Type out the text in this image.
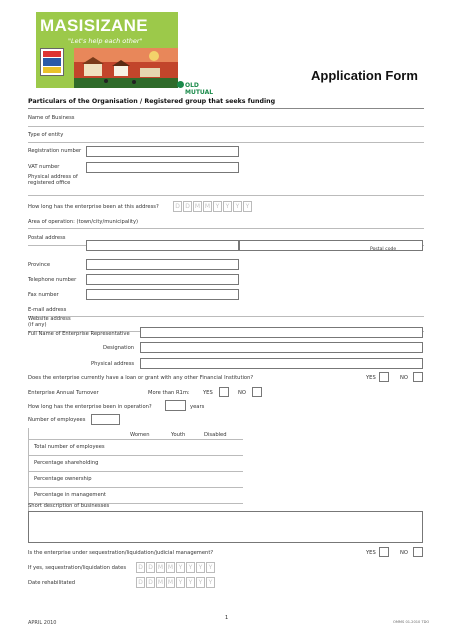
MASISIZANE
"Let's help each other"
OLD MUTUAL
Application Form
Particulars of the Organisation / Registered group that seeks funding
Name of Business
Type of entity
Registration number
VAT number
Physical address of registered office
How long has the enterprise been at this address?	D D M M Y	Y	Y	Y
Area of operation: (town/city/municipality)
Postal address
Postal code
Province
Telephone number
Fax number
E-mail address
Website address (if any)
Full Name of Enterprise Representative
Designation
Physical address
Does the enterprise currently have a loan or grant with any other Financial Institution?	YES	NO
Enterprise Annual Turnover	More than R1m:	YES	NO
How long has the enterprise been in operation?	years
Number of employees
Women	Youth	Disabled
Total number of employees
Percentage shareholding
Percentage ownership
Percentage in management
Short description of businesses
Is the enterprise under sequestration/liquidation/judicial management?	YES	NO
If yes, sequestration/liquidation dates	D D M M Y	Y	Y	Y
Date rehabilitated	D D M M Y	Y	Y	Y
APRIL 2010
1
OMMS 01.2010 TDO
